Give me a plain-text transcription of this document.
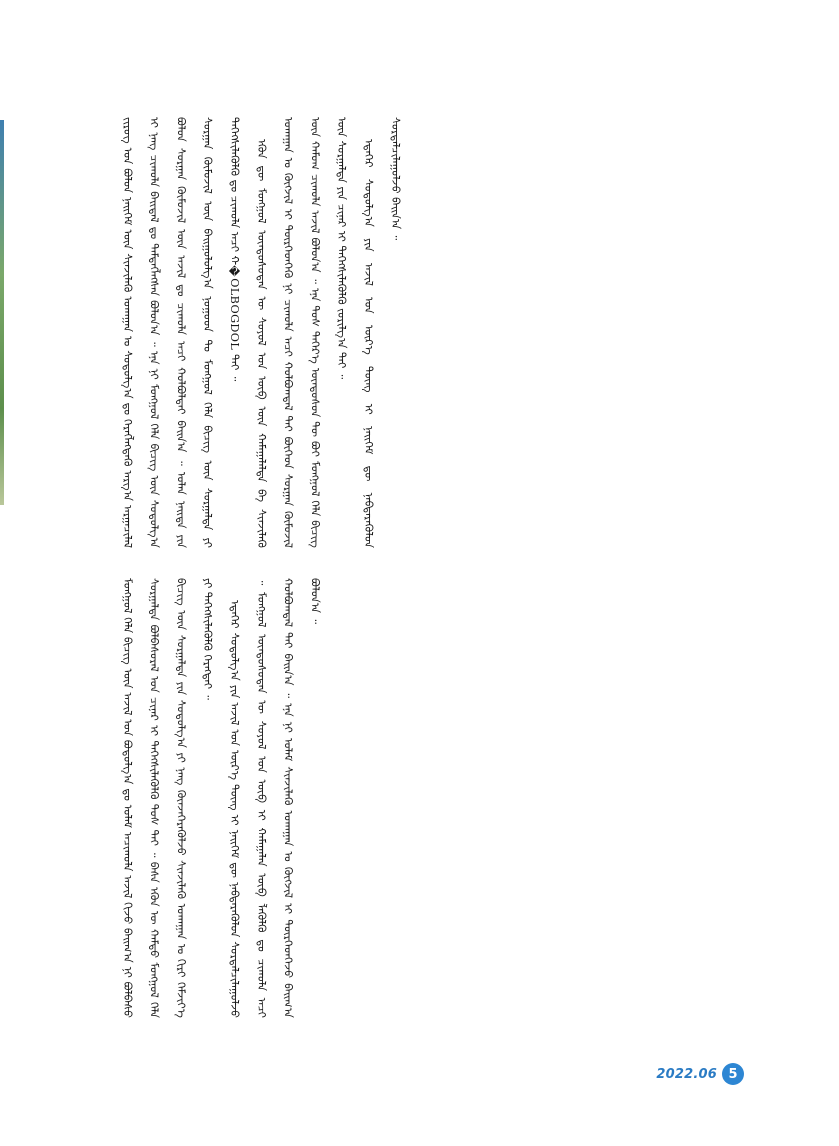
ᠵᠢᠷᠦᠭ ᠤᠨ ᠪᠣᠯᠤᠨ ᠨᠡᠢᠭᠡᠮ ᠦᠨ ᠰᠢᠨᠵᠢᠯᠡᠬᠦ ᠤᠬᠠᠭᠠᠨ ᠤ ᠰᠤᠳᠤᠯᠭ᠎ᠠ ᠳᠤ ᠬᠡᠷᠡᠭᠯᠡᠭᠳᠡᠬᠦ ᠠᠷᠭ᠎ᠠ ᠠᠷᠭᠠᠴᠢᠯᠠᠯ ᠢ ᠨᠡᠩ ᠴᠢᠬᠤᠯᠠ ᠪᠠᠢᠳᠠᠯ ᠳᠤ ᠲᠡᠮᠳᠡᠭᠯᠡᠭᠰᠡᠨ ᠪᠣᠯᠤᠨ᠎ᠠ ᠃ ᠡᠨᠡ ᠨᠢ ᠮᠣᠩᠭᠣᠯ ᠬᠡᠯᠡ ᠪᠢᠴᠢᠭ ᠦᠨ ᠰᠤᠳᠤᠯᠭ᠎ᠠ ᠪᠣᠯᠤᠨ ᠰᠤᠷᠭᠠᠨ ᠬᠦᠮᠦᠵᠢᠯ ᠦᠨ ᠠᠵᠢᠯ ᠳᠤ ᠴᠢᠬᠤᠯᠠ ᠠᠴᠢ ᠬᠣᠯᠪᠣᠯᠳᠠᠢ ᠪᠠᠢᠨ᠎ᠠ ᠃ ᠣᠯᠠᠨ ᠨᠡᠢᠲᠡ ᠶᠢᠨ ᠰᠤᠷᠭᠠᠨ ᠬᠦᠮᠦᠵᠢᠯ ᠦᠨ ᠪᠠᠢᠭᠤᠯᠤᠯᠭ᠎ᠠ ᠨᠤᠭᠤᠳ ᠲᠤ ᠮᠣᠩᠭᠣᠯ ᠬᠡᠯᠡ ᠪᠢᠴᠢᠭ ᠦᠨ ᠰᠤᠷᠭᠠᠯᠲᠠ ᠶᠢ ᠳᠡᠭᠡᠭᠰᠢᠯᠡᠭᠦᠯᠬᠦ ᠳᠤ ᠴᠢᠬᠤᠯᠠ ᠠᠴᠢ ᠬ�OLBOGDOL ᠲᠠᠢ ᠃	ᠡᠭᠦᠨ ᠳᠦ ᠮᠣᠩᠭᠣᠯ ᠦᠨᠳᠦᠰᠦᠲᠡᠨ ᠦ ᠰᠣᠶᠣᠯ ᠤᠨ ᠦᠪ ᠦᠨ ᠬᠠᠮᠠᠭᠠᠯᠠᠯᠲᠠ ᠪᠠ ᠰᠢᠨᠵᠢᠯᠡᠬᠦ ᠤᠬᠠᠭᠠᠨ ᠤ ᠬᠦᠭᠵᠢᠯ ᠢ ᠲᠦᠷᠭᠡᠳᠬᠡᠬᠦ ᠨᠢ ᠴᠢᠬᠤᠯᠠ ᠠᠴᠢ ᠬᠣᠯᠪᠣᠭᠳᠠᠯ ᠲᠠᠢ ᠪᠥᠭᠡᠳ ᠰᠤᠷᠭᠠᠨ ᠬᠦᠮᠦᠵᠢᠯ ᠦᠨ ᠬᠠᠮᠤᠭ ᠴᠢᠬᠤᠯᠠ ᠠᠵᠢᠯ ᠪᠣᠯᠤᠨ᠎ᠠ ᠃ ᠡᠨᠡ ᠲᠤᠰ ᠳᠡᠭᠡᠷ᠎ᠡ ᠦᠨᠳᠦᠰᠦᠨ ᠲᠦ ᠪᠤᠢ ᠮᠣᠩᠭᠣᠯ ᠬᠡᠯᠡ ᠪᠢᠴᠢᠭ ᠦᠨ ᠰᠤᠷᠭᠠᠯᠲᠠ ᠶᠢᠨ ᠴᠢᠨᠠᠷ ᠢ ᠳᠡᠭᠡᠭᠰᠢᠯᠡᠭᠦᠯᠬᠦ ᠵᠣᠷᠢᠯᠭ᠎ᠠ ᠲᠠᠢ ᠃	ᠡᠳᠡᠭᠡᠷ ᠰᠤᠳᠤᠯᠭ᠎ᠠ ᠶᠢᠨ ᠠᠵᠢᠯ ᠤᠨ ᠦᠷ᠎ᠡ ᠳᠦᠩ ᠢ ᠨᠡᠢᠭᠡᠮ ᠳᠦ ᠨᠡᠪᠲᠡᠷᠡᠭᠦᠯᠦᠨ ᠰᠤᠷᠲᠠᠯᠴᠢᠯᠠᠭᠤᠯᠵᠤ ᠪᠠᠢᠨ᠎ᠠ ᠃
ᠮᠣᠩᠭᠣᠯ ᠬᠡᠯᠡ ᠪᠢᠴᠢᠭ ᠦᠨ ᠠᠵᠢᠯ ᠤᠨ ᠪᠣᠳᠤᠯᠭ᠎ᠠ ᠳᠤ ᠤᠯᠠᠮ ᠠᠴᠢᠬᠤᠯᠠ ᠠᠵᠢᠯ ᠬᠢᠵᠦ ᠪᠠᠢᠭ᠎ᠠ ᠨᠢ ᠪᠣᠯᠪᠠᠰᠤ ᠰᠤᠷᠭᠠᠯᠲᠠ ᠪᠣᠯᠪᠠᠰᠤᠷᠠᠯ ᠤᠨ ᠴᠢᠨᠠᠷ ᠢ ᠳᠡᠭᠡᠭᠰᠢᠯᠡᠭᠦᠯᠬᠦ ᠲᠤᠰ ᠲᠠᠢ ᠃ ᠪᠠᠰᠠ ᠡᠭᠦᠨ ᠦ ᠬᠠᠮᠲᠤ ᠮᠣᠩᠭᠣᠯ ᠬᠡᠯᠡ ᠪᠢᠴᠢᠭ ᠦᠨ ᠰᠤᠷᠭᠠᠯᠲᠠ ᠶᠢᠨ ᠰᠤᠳᠤᠯᠭ᠎ᠠ ᠶᠢ ᠨᠡᠩ ᠭᠦᠨᠵᠡᠭᠡᠷᠡᠭᠦᠯᠵᠦ ᠰᠢᠨᠵᠢᠯᠡᠬᠦ ᠤᠬᠠᠭᠠᠨ ᠤ ᠬᠢᠷᠢ ᠬᠡᠮᠵᠢᠶ᠎ᠡ ᠶᠢ ᠳᠡᠭᠡᠭᠰᠢᠯᠡᠭᠦᠯᠬᠦ ᠬᠡᠷᠡᠭᠲᠡᠢ ᠃	ᠡᠳᠡᠭᠡᠷ ᠰᠤᠳᠤᠯᠭ᠎ᠠ ᠶᠢᠨ ᠠᠵᠢᠯ ᠤᠨ ᠦᠷ᠎ᠡ ᠳᠦᠩ ᠢ ᠨᠡᠢᠭᠡᠮ ᠳᠦ ᠨᠡᠪᠲᠡᠷᠡᠭᠦᠯᠦᠨ ᠰᠤᠷᠲᠠᠯᠴᠢᠯᠠᠭᠤᠯᠵᠤ ᠃ ᠮᠣᠩᠭᠣᠯ ᠦᠨᠳᠦᠰᠦᠲᠡᠨ ᠦ ᠰᠣᠶᠣᠯ ᠤᠨ ᠦᠪ ᠢ ᠬᠠᠮᠠᠭᠠᠯᠠᠨ ᠥᠪ ᠯᠡᠭᠦᠯᠬᠦ ᠳᠤ ᠴᠢᠬᠤᠯᠠ ᠠᠴᠢ ᠬᠣᠯᠪᠣᠭᠳᠠᠯ ᠲᠠᠢ ᠪᠠᠢᠨ᠎ᠠ ᠃ ᠡᠨᠡ ᠨᠢ ᠤᠯᠠᠮ ᠰᠢᠨᠵᠢᠯᠡᠬᠦ ᠤᠬᠠᠭᠠᠨ ᠤ ᠬᠦᠭᠵᠢᠯ ᠢ ᠲᠦᠷᠭᠡᠳᠬᠡᠵᠦ ᠪᠠᠢᠭ᠎ᠠ ᠪᠣᠯᠤᠨ᠎ᠠ ᠃
2022.06 5
